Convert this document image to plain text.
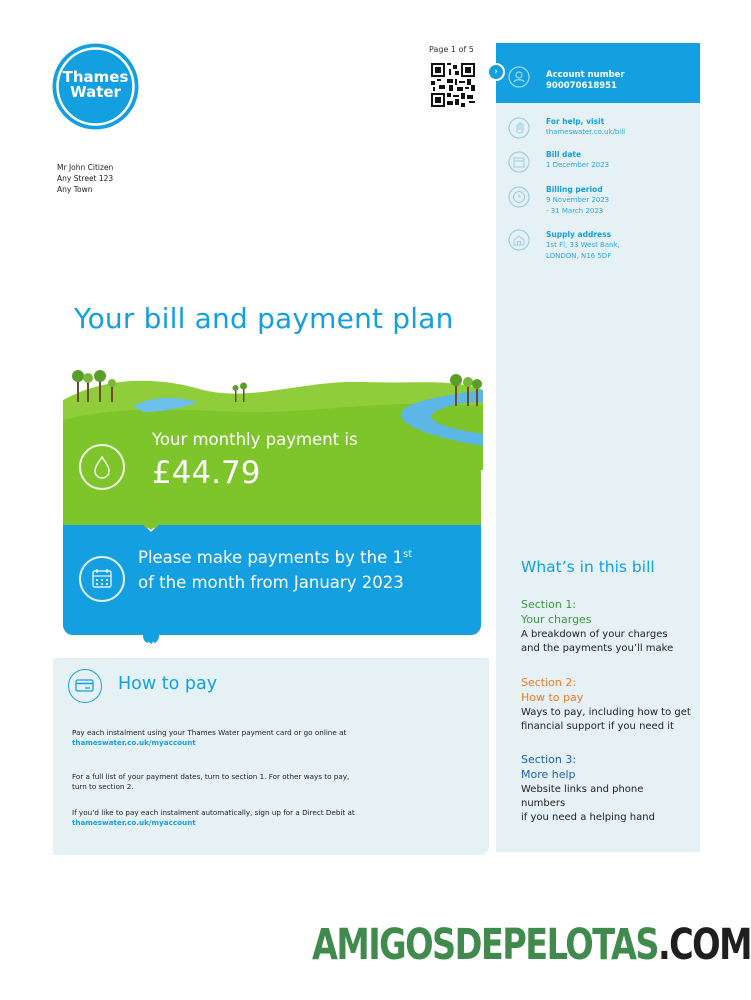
Thames
Water
Page 1 of 5
Mr John Citizen
Any Street 123
Any Town
›	Account number
900070618951
For help, visit
thameswater.co.uk/bill
Bill date
1 December 2023
Billing period
9 November 2023
- 31 March 2023
Supply address
1st Fl, 33 West Bank,
LONDON, N16 5DF
What’s in this bill
Section 1:
Your charges
A breakdown of your charges
and the payments you’ll make
Section 2:
How to pay
Ways to pay, including how to get
financial support if you need it
Section 3:
More help
Website links and phone
numbers
if you need a helping hand
Your bill and payment plan
Your monthly payment is
£44.79
Please make payments by the 1st
of the month from January 2023
How to pay
Pay each instalment using your Thames Water payment card or go online at
thameswater.co.uk/myaccount
For a full list of your payment dates, turn to section 1. For other ways to pay,
turn to section 2.
If you’d like to pay each instalment automatically, sign up for a Direct Debit at
thameswater.co.uk/myaccount
AMIGOSDEPELOTAS.COM
